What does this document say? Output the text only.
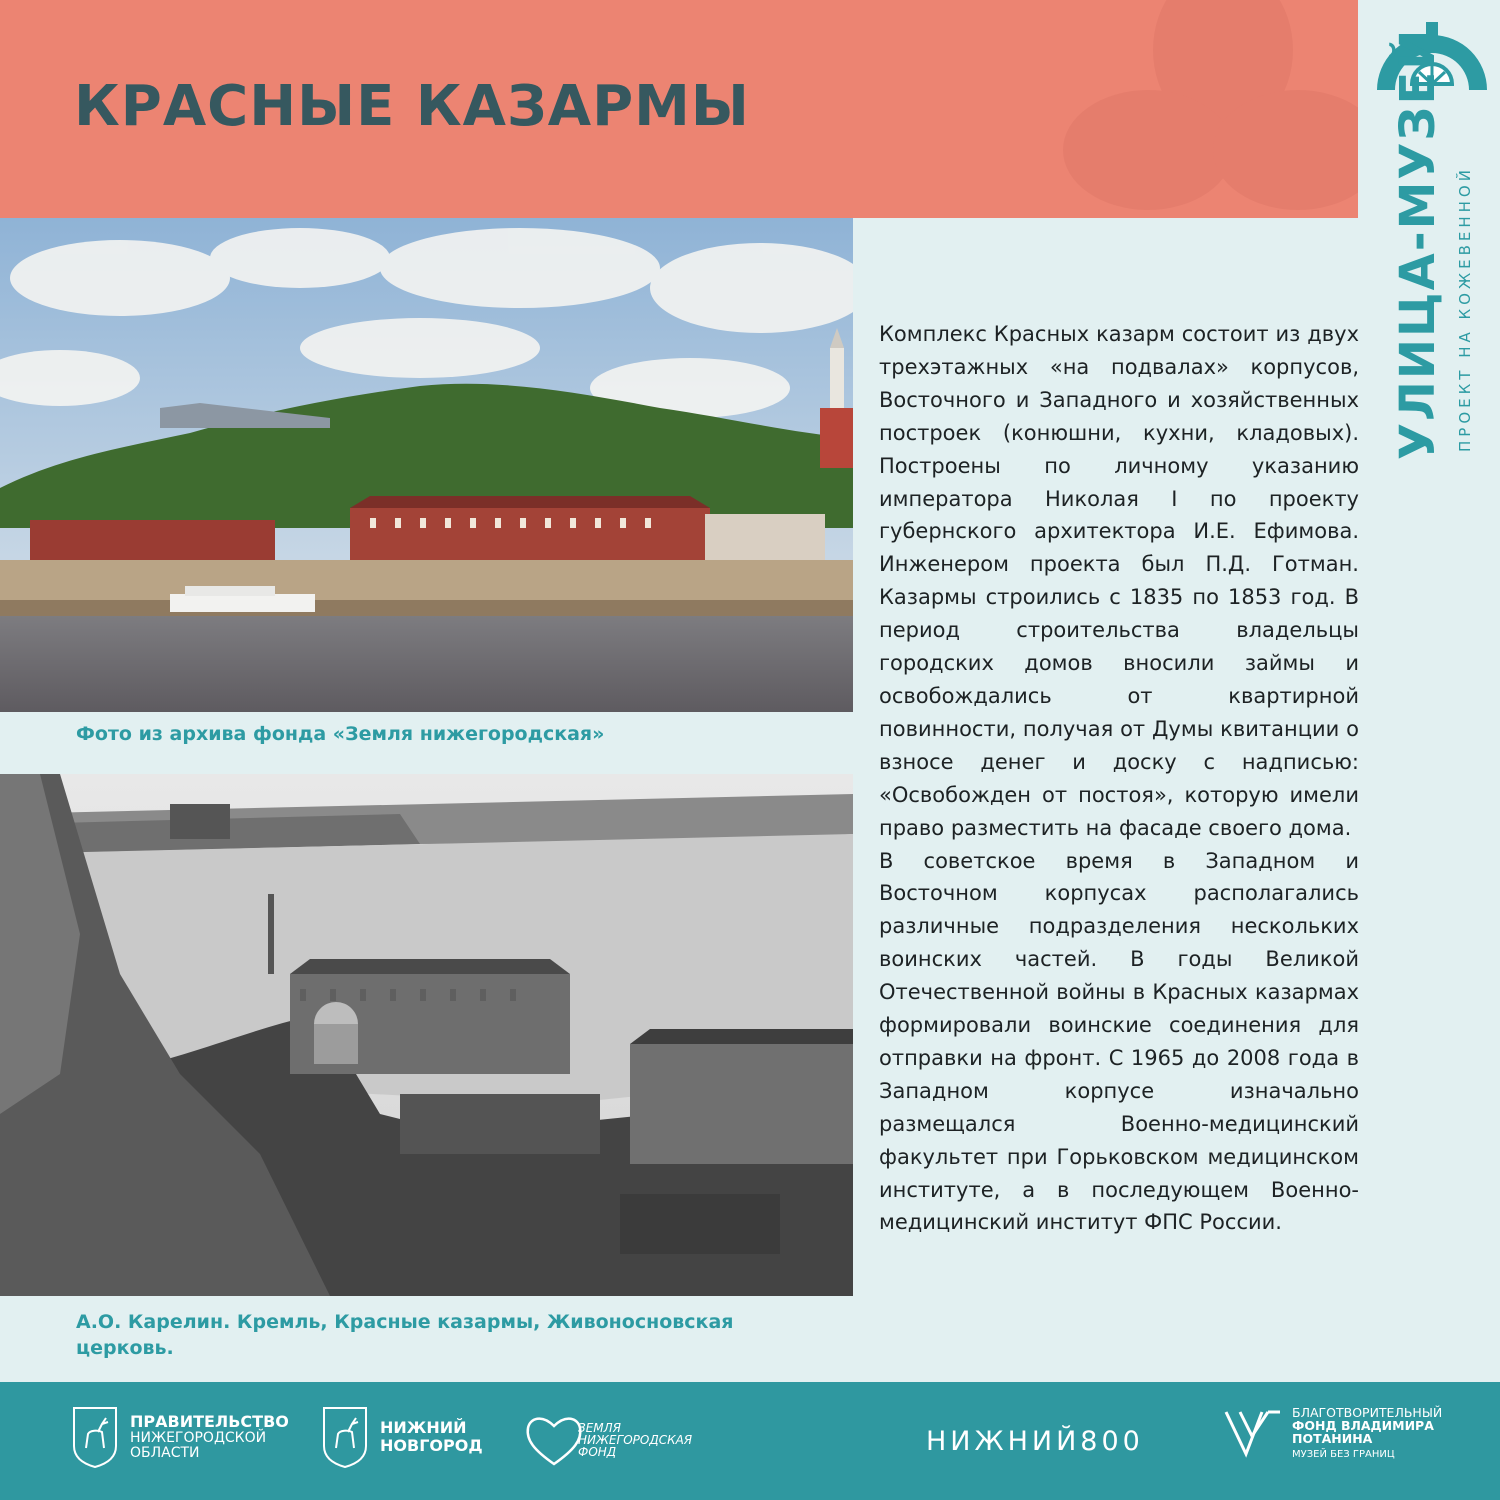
КРАСНЫЕ КАЗАРМЫ	УЛИЦА-МУЗЕЙ ПРОЕКТ НА КОЖЕВЕННОЙ

Фото из архива фонда «Земля нижегородская»

А.О. Карелин. Кремль, Красные казармы, Живоносновская церковь.

Комплекс Красных казарм состоит из двух трехэтажных «на подвалах» корпусов, Восточного и Западного и хозяйственных построек (конюшни, кухни, кладовых). Построены по личному указанию императора Николая I по проекту губернского архитектора И.Е. Ефимова. Инженером проекта был П.Д. Готман. Казармы строились с 1835 по 1853 год. В период строительства владельцы городских домов вносили займы и освобождались от квартирной повинности, получая от Думы квитанции о взносе денег и доску с надписью: «Освобожден от постоя», которую имели право разместить на фасаде своего дома.

В советское время в Западном и Восточном корпусах располагались различные подразделения нескольких воинских частей. В годы Великой Отечественной войны в Красных казармах формировали воинские соединения для отправки на фронт. С 1965 до 2008 года в Западном корпусе изначально размещался Военно-медицинский факультет при Горьковском медицинском институте, а в последующем Военно-медицинский институт ФПС России.

ПРАВИТЕЛЬСТВО
НИЖЕГОРОДСКОЙ
ОБЛАСТИ
НИЖНИЙ
НОВГОРОД
ЗЕМЛЯ
НИЖЕГОРОДСКАЯ
ФОНД	НИЖНИЙ800
БЛАГОТВОРИТЕЛЬНЫЙ
ФОНД ВЛАДИМИРА
ПОТАНИНА
МУЗЕЙ БЕЗ ГРАНИЦ
